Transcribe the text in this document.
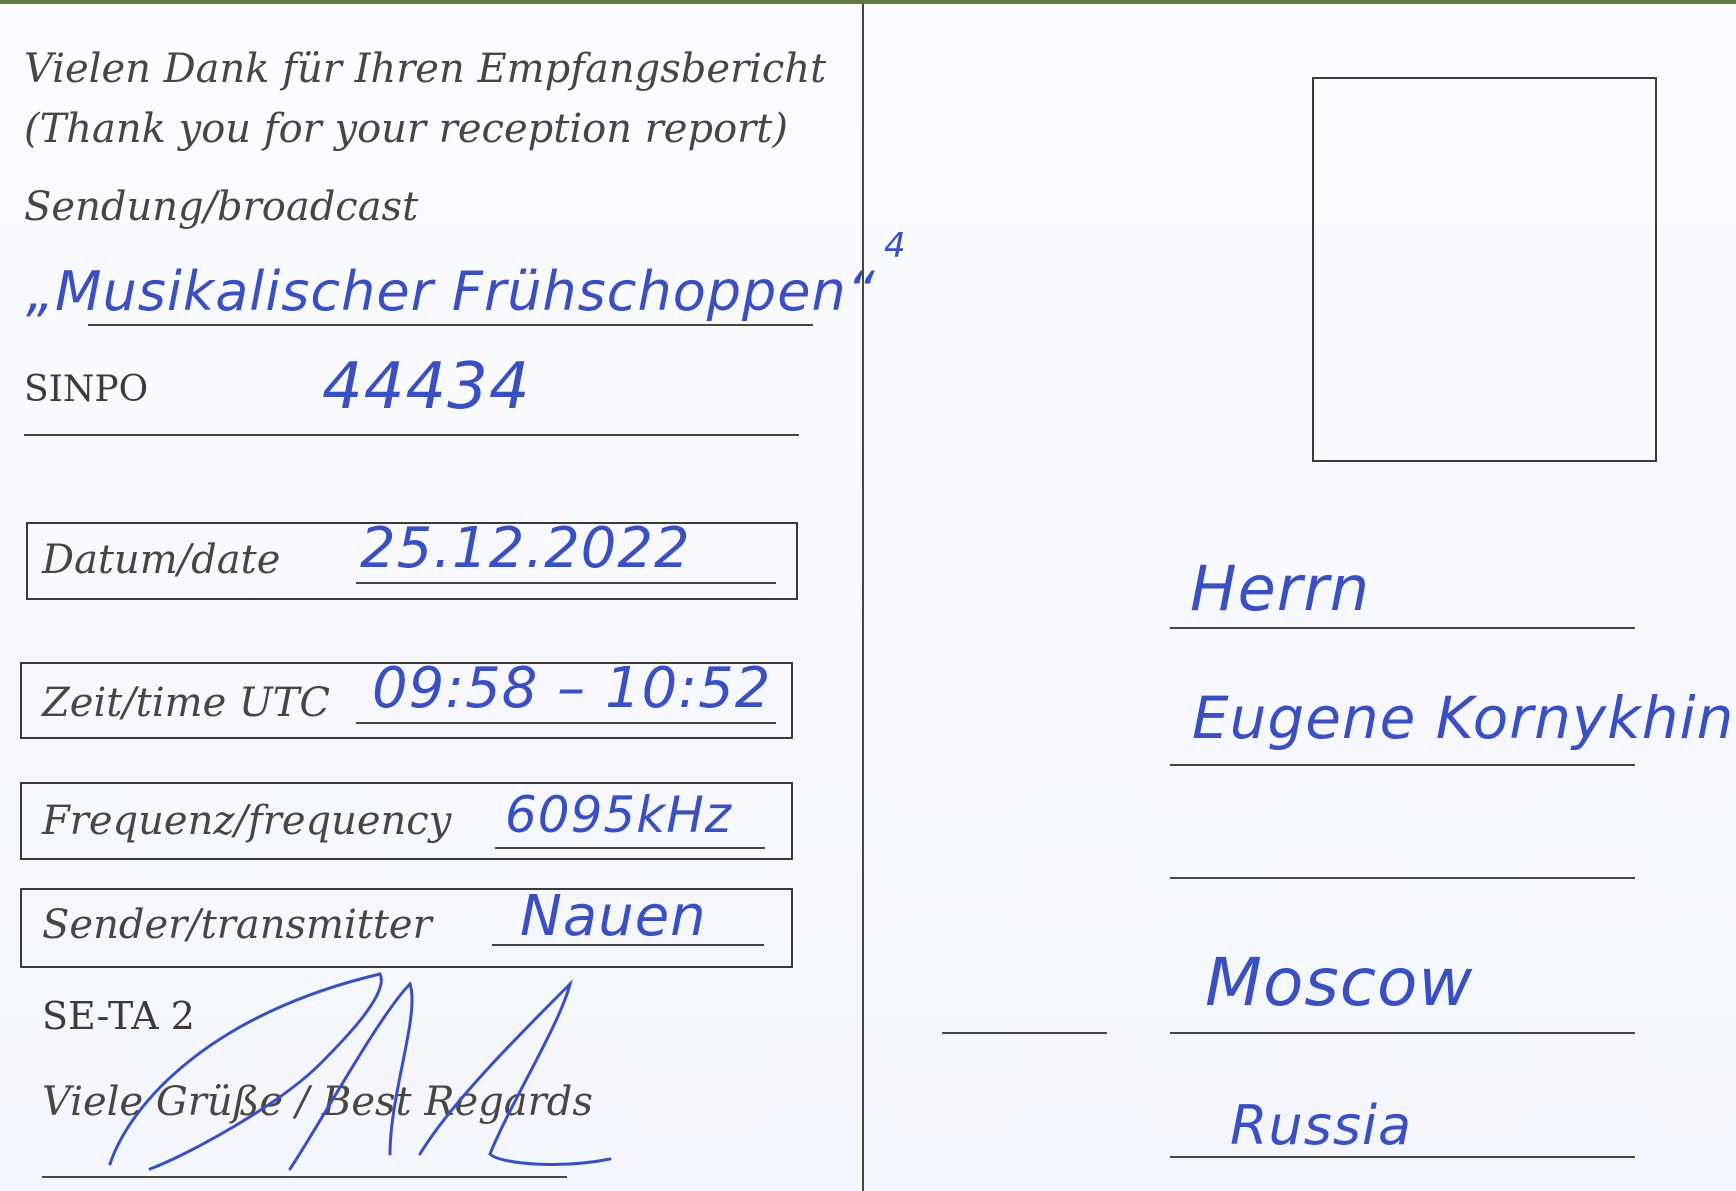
Vielen Dank für Ihren Empfangsbericht
(Thank you for your reception report)
Sendung/broadcast
„Musikalischer Frühschoppen“
SINPO	44434
Datum/date 25.12.2022
Zeit/time UTC 09:58 – 10:52
Frequenz/frequency 6095kHz
Sender/transmitter Nauen
SE-TA 2
Viele Grüße / Best Regards
4
Herrn
Eugene Kornykhin
Moscow
Russia
